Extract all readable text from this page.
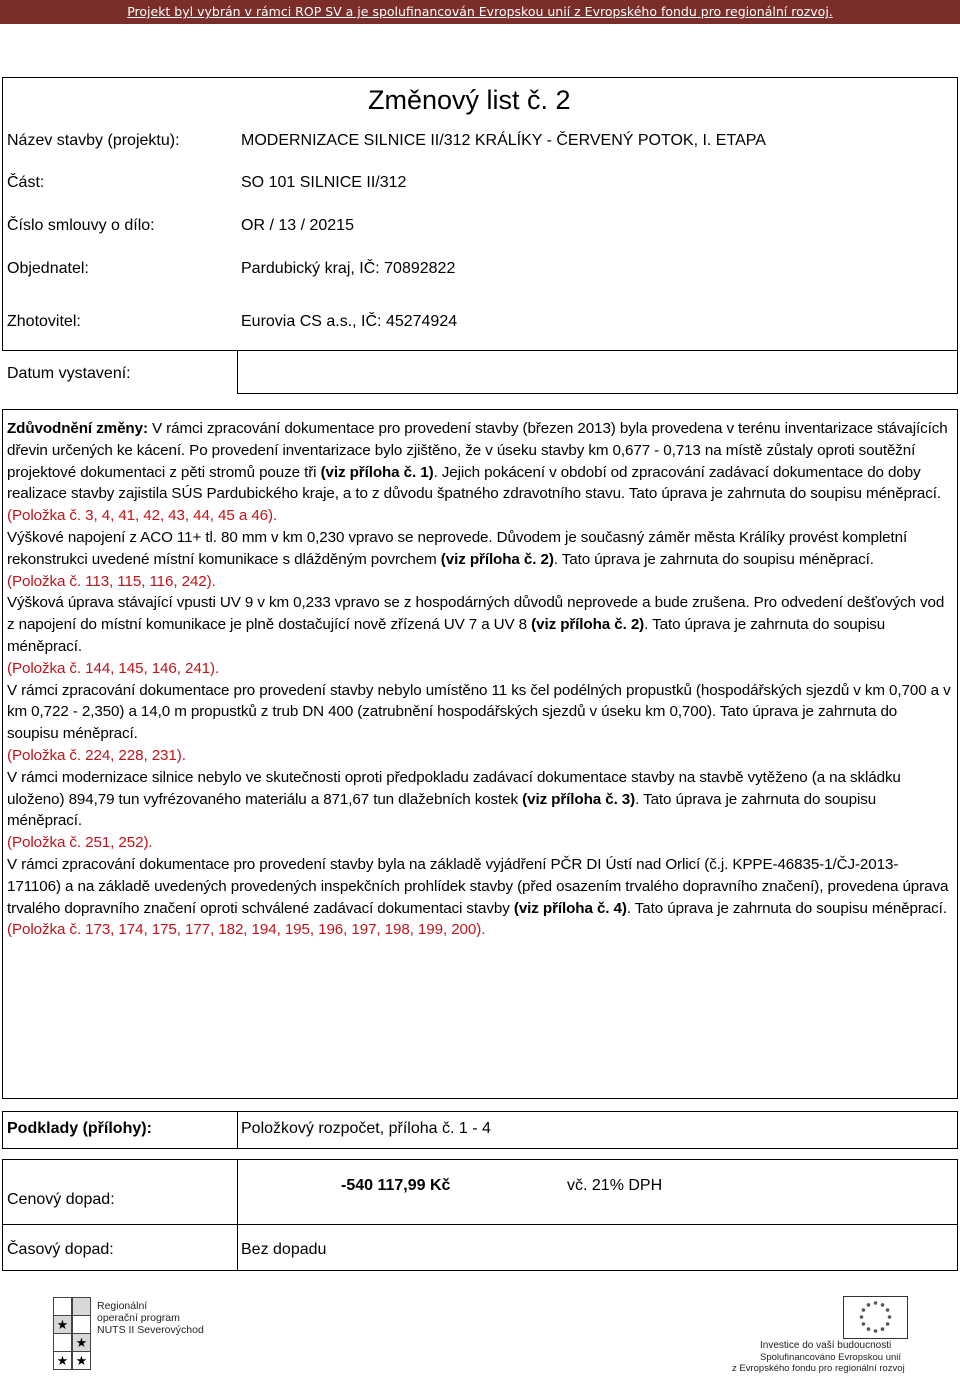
Projekt byl vybrán v rámci ROP SV a je spolufinancován Evropskou unií z Evropského fondu pro regionální rozvoj.
Změnový list č. 2
Název stavby (projektu):	MODERNIZACE SILNICE II/312 KRÁLÍKY - ČERVENÝ POTOK, I. ETAPA
Část:	SO 101 SILNICE II/312
Číslo smlouvy o dílo:	OR / 13 / 20215
Objednatel:	Pardubický kraj, IČ: 70892822
Zhotovitel:	Eurovia CS a.s., IČ: 45274924
Datum vystavení:
Zdůvodnění změny: V rámci zpracování dokumentace pro provedení stavby (březen 2013) byla provedena v terénu inventarizace stávajících dřevin určených ke kácení. Po provedení inventarizace bylo zjištěno, že v úseku stavby km 0,677 - 0,713 na místě zůstaly oproti soutěžní projektové dokumentaci z pěti stromů pouze tři (viz příloha č. 1). Jejich pokácení v období od zpracování zadávací dokumentace do doby realizace stavby zajistila SÚS Pardubického kraje, a to z důvodu špatného zdravotního stavu. Tato úprava je zahrnuta do soupisu méněprací.
(Položka č. 3, 4, 41, 42, 43, 44, 45 a 46).
Výškové napojení z ACO 11+ tl. 80 mm v km 0,230 vpravo se neprovede. Důvodem je současný záměr města Králíky provést kompletní rekonstrukci uvedené místní komunikace s dlážděným povrchem (viz příloha č. 2). Tato úprava je zahrnuta do soupisu méněprací.
(Položka č. 113, 115, 116, 242).
Výšková úprava stávající vpusti UV 9 v km 0,233 vpravo se z hospodárných důvodů neprovede a bude zrušena. Pro odvedení dešťových vod z napojení do místní komunikace je plně dostačující nově zřízená UV 7 a UV 8 (viz příloha č. 2). Tato úprava je zahrnuta do soupisu méněprací.
(Položka č. 144, 145, 146, 241).
V rámci zpracování dokumentace pro provedení stavby nebylo umístěno 11 ks čel podélných propustků (hospodářských sjezdů v km 0,700 a v km 0,722 - 2,350) a 14,0 m propustků z trub DN 400 (zatrubnění hospodářských sjezdů v úseku km 0,700). Tato úprava je zahrnuta do soupisu méněprací.
(Položka č. 224, 228, 231).
V rámci modernizace silnice nebylo ve skutečnosti oproti předpokladu zadávací dokumentace stavby na stavbě vytěženo (a na skládku uloženo) 894,79 tun vyfrézovaného materiálu a 871,67 tun dlažebních kostek (viz příloha č. 3). Tato úprava je zahrnuta do soupisu méněprací.
(Položka č. 251, 252).
V rámci zpracování dokumentace pro provedení stavby byla na základě vyjádření PČR DI Ústí nad Orlicí (č.j. KPPE-46835-1/ČJ-2013-171106) a na základě uvedených provedených inspekčních prohlídek stavby (před osazením trvalého dopravního značení), provedena úprava trvalého dopravního značení oproti schválené zadávací dokumentaci stavby (viz příloha č. 4). Tato úprava je zahrnuta do soupisu méněprací.
(Položka č. 173, 174, 175, 177, 182, 194, 195, 196, 197, 198, 199, 200).
Podklady (přílohy):	Položkový rozpočet, příloha č. 1 - 4
Cenový dopad:
-540 117,99 Kč	vč. 21% DPH
Časový dopad:	Bez dopadu
★
★
★ ★
Regionální
operační program
NUTS II Severovýchod
Investice do vaší budoucnosti
Spolufinancováno Evropskou unií
z Evropského fondu pro regionální rozvoj
